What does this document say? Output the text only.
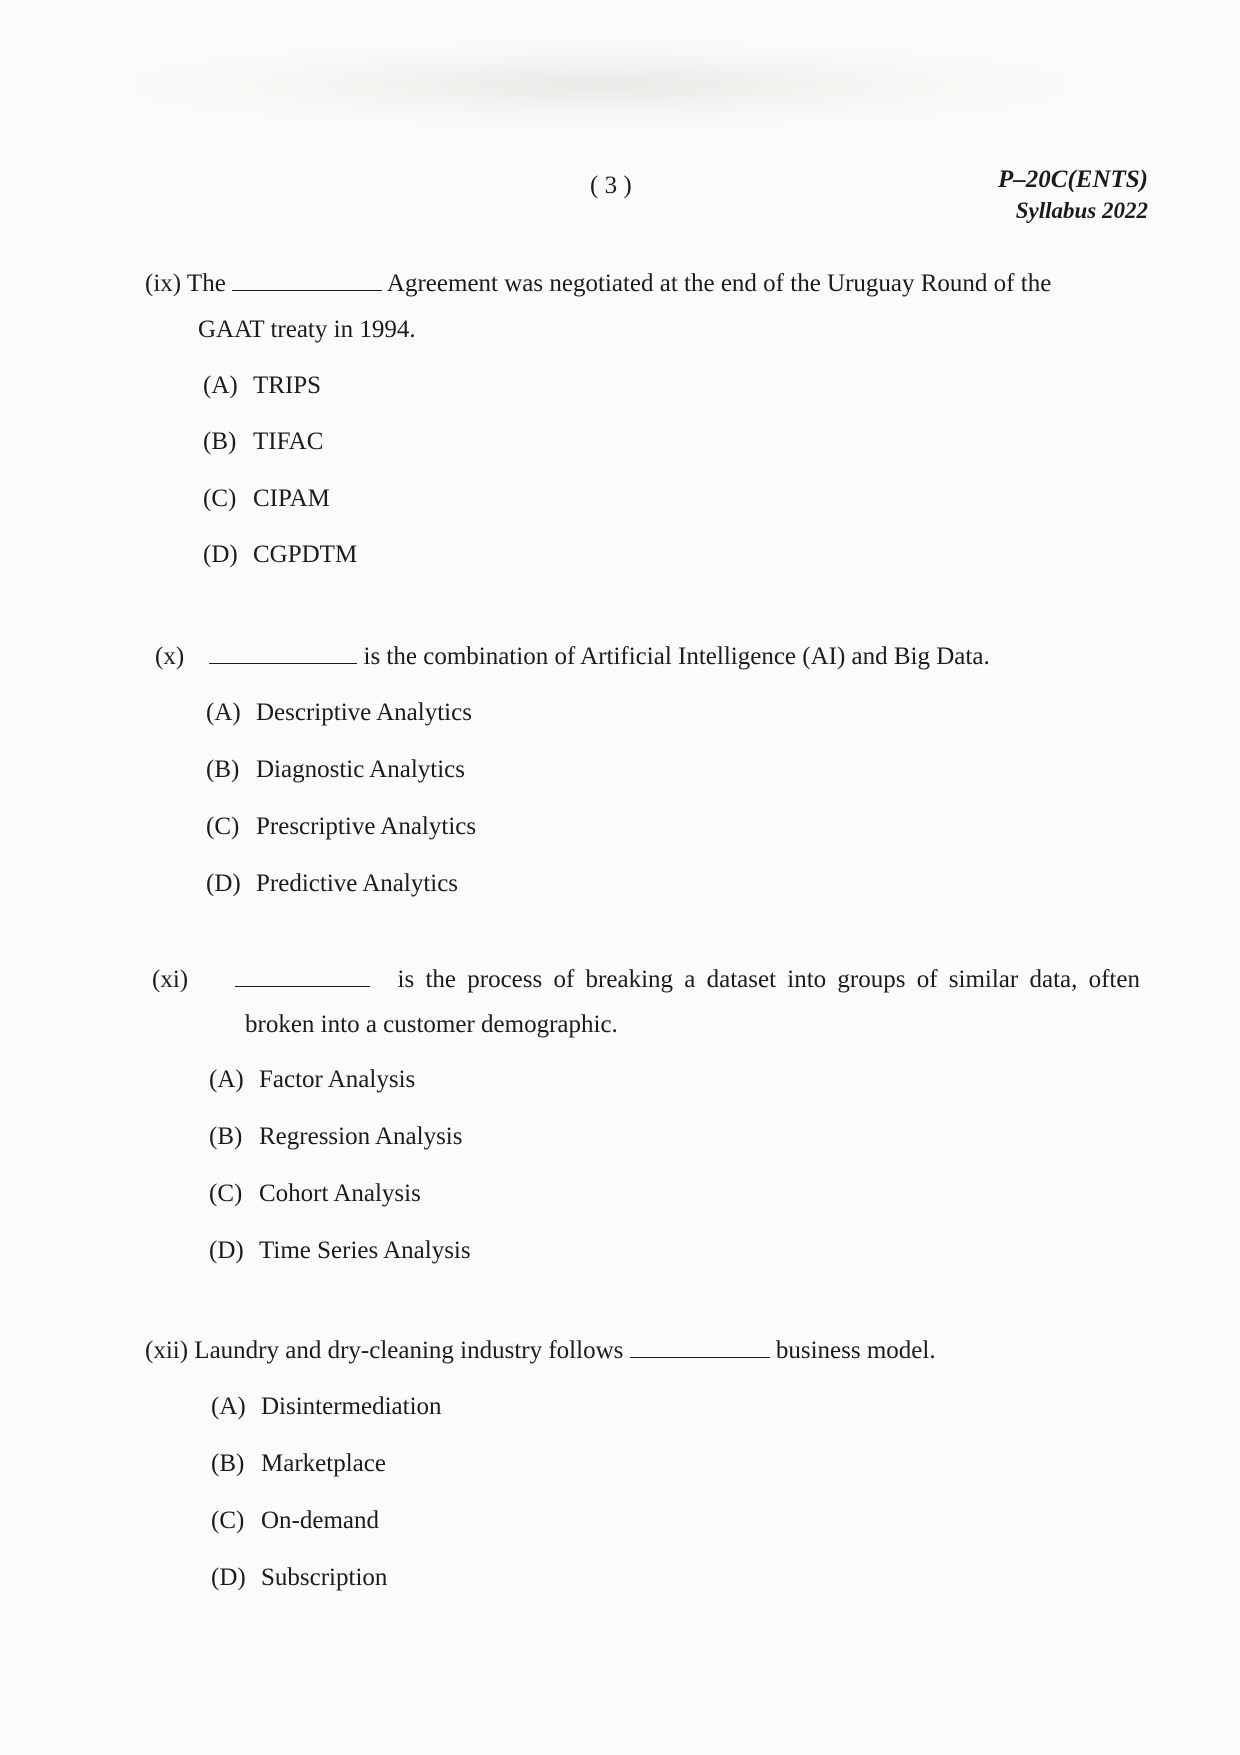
( 3 )	P–20C(ENTS)
Syllabus 2022
(ix) The	Agreement was negotiated at the end of the Uruguay Round of the
GAAT treaty in 1994.
(A) TRIPS
(B) TIFAC
(C) CIPAM
(D) CGPDTM
(x)	is the combination of Artificial Intelligence (AI) and Big Data.
(A) Descriptive Analytics
(B) Diagnostic Analytics
(C) Prescriptive Analytics
(D) Predictive Analytics
(xi)	is the process of breaking a dataset into groups of similar data, often
broken into a customer demographic.
(A) Factor Analysis
(B) Regression Analysis
(C) Cohort Analysis
(D) Time Series Analysis
(xii) Laundry and dry-cleaning industry follows	business model.
(A) Disintermediation
(B) Marketplace
(C) On-demand
(D) Subscription
